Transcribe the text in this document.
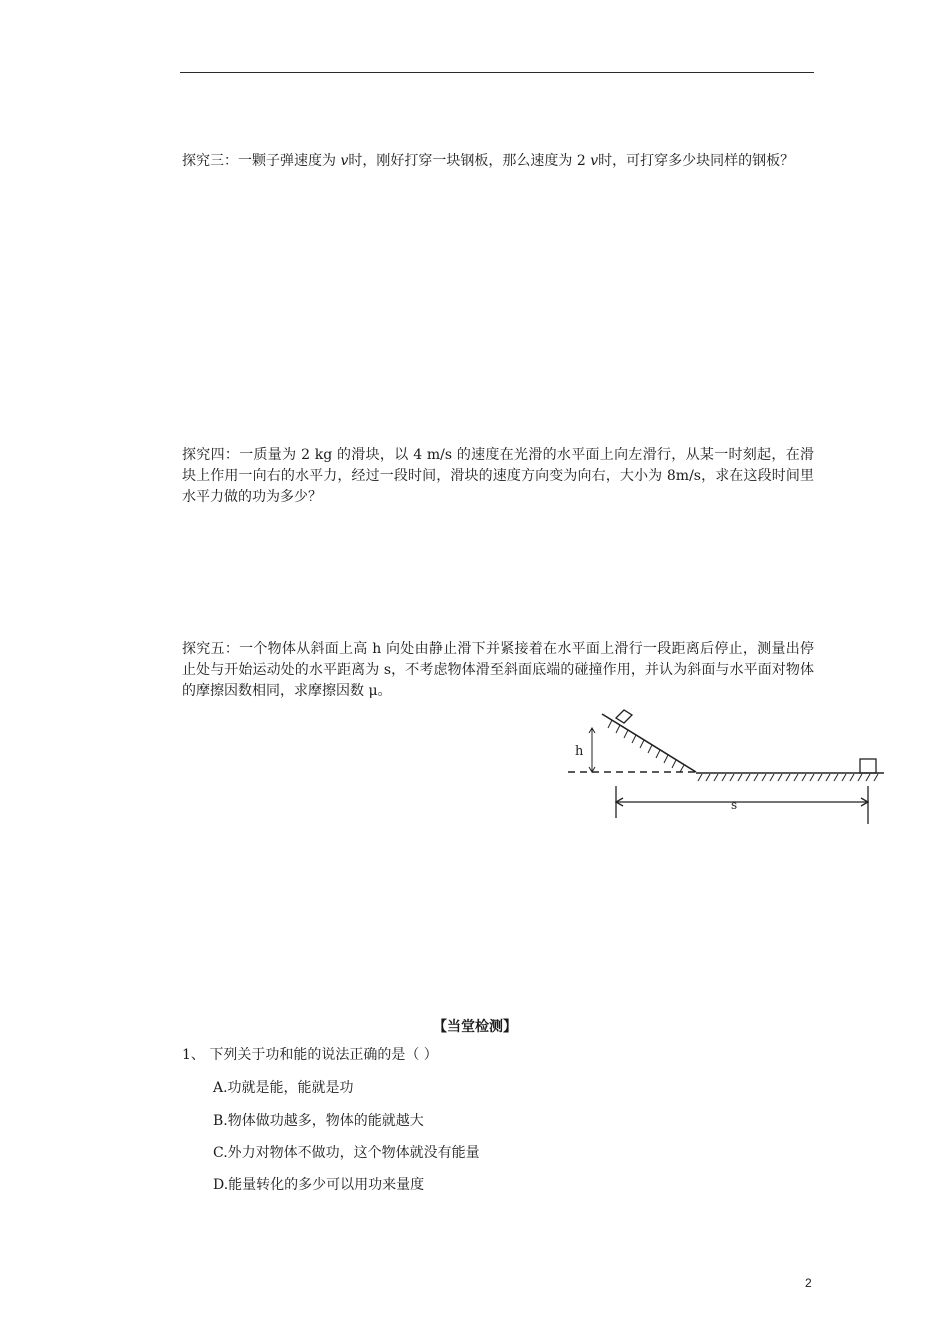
探究三：一颗子弹速度为 v时，刚好打穿一块钢板，那么速度为 2 v时，可打穿多少块同样的钢板？

探究四：一质量为 2 kg 的滑块，以 4 m/s 的速度在光滑的水平面上向左滑行，从某一时刻起，在滑块上作用一向右的水平力，经过一段时间，滑块的速度方向变为向右，大小为 8m/s，求在这段时间里水平力做的功为多少？

探究五：一个物体从斜面上高 h 向处由静止滑下并紧接着在水平面上滑行一段距离后停止，测量出停止处与开始运动处的水平距离为 s，不考虑物体滑至斜面底端的碰撞作用，并认为斜面与水平面对物体的摩擦因数相同，求摩擦因数 μ。

h
s
【当堂检测】
1、 下列关于功和能的说法正确的是（ ）
A.功就是能，能就是功
B.物体做功越多，物体的能就越大
C.外力对物体不做功，这个物体就没有能量
D.能量转化的多少可以用功来量度
2
